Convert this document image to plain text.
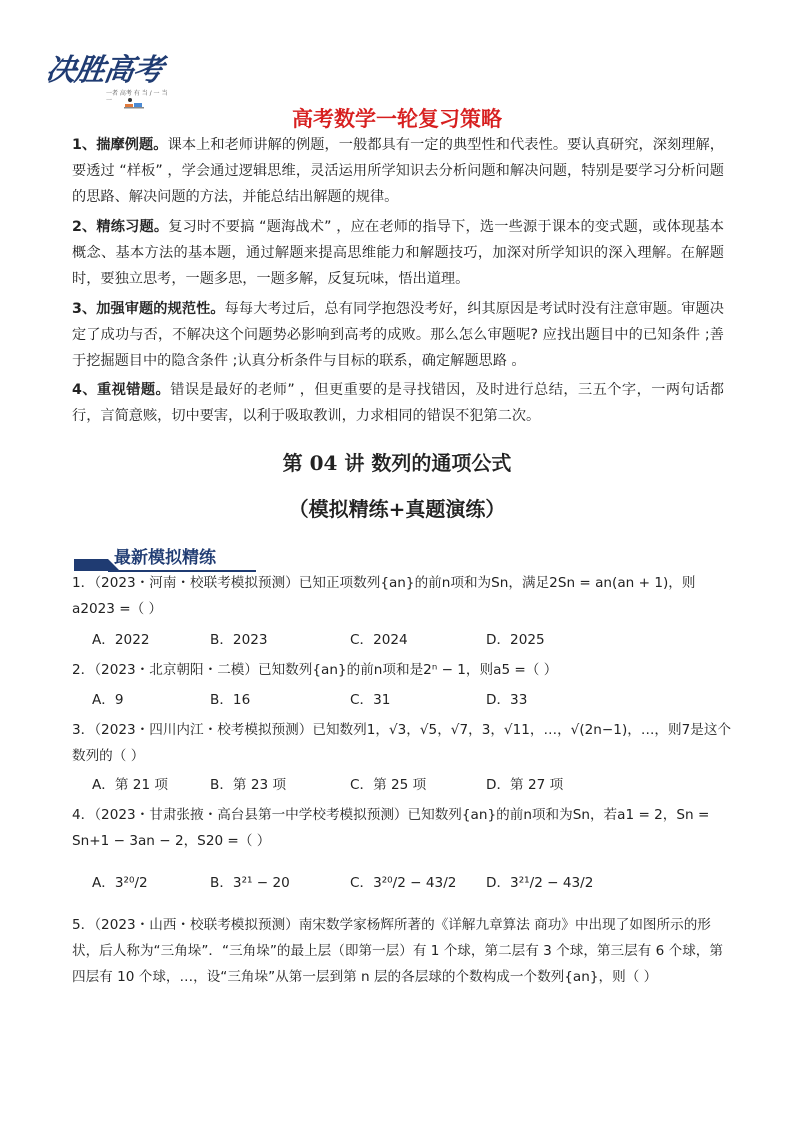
决胜高考
一者 高考 有 当 / 一 当 一
高考数学一轮复习策略
1、揣摩例题。课本上和老师讲解的例题，一般都具有一定的典型性和代表性。要认真研究，深刻理解，要透过 “样板” ，学会通过逻辑思维，灵活运用所学知识去分析问题和解决问题，特别是要学习分析问题的思路、解决问题的方法，并能总结出解题的规律。
2、精练习题。复习时不要搞 “题海战术” ，应在老师的指导下，选一些源于课本的变式题，或体现基本概念、基本方法的基本题，通过解题来提高思维能力和解题技巧，加深对所学知识的深入理解。在解题时，要独立思考，一题多思，一题多解，反复玩味，悟出道理。
3、加强审题的规范性。每每大考过后，总有同学抱怨没考好，纠其原因是考试时没有注意审题。审题决定了成功与否，不解决这个问题势必影响到高考的成败。那么怎么审题呢? 应找出题目中的已知条件 ;善于挖掘题目中的隐含条件 ;认真分析条件与目标的联系，确定解题思路 。
4、重视错题。错误是最好的老师” ，但更重要的是寻找错因，及时进行总结，三五个字，一两句话都行，言简意赅，切中要害，以利于吸取教训，力求相同的错误不犯第二次。
第 04 讲 数列的通项公式
（模拟精练+真题演练）
最新模拟精练
1．（2023・河南・校联考模拟预测）已知正项数列{an}的前n项和为Sn，满足2Sn = an(an + 1)，则a2023 =（ ）
A．2022	B．2023	C．2024	D．2025
2．（2023・北京朝阳・二模）已知数列{an}的前n项和是2ⁿ − 1，则a5 =（ ）
A．9	B．16	C．31	D．33
3．（2023・四川内江・校考模拟预测）已知数列1，√3，√5，√7，3，√11，…，√(2n−1)，…，则7是这个数列的（ ）
A．第 21 项	B．第 23 项	C．第 25 项	D．第 27 项
4．（2023・甘肃张掖・高台县第一中学校考模拟预测）已知数列{an}的前n项和为Sn，若a1 = 2，Sn = Sn+1 − 3an − 2，S20 =（ ）
A．3²⁰/2	B．3²¹ − 20	C．3²⁰/2 − 43/2 D．3²¹/2 − 43/2
5．（2023・山西・校联考模拟预测）南宋数学家杨辉所著的《详解九章算法 商功》中出现了如图所示的形状，后人称为“三角垛”．“三角垛”的最上层（即第一层）有 1 个球，第二层有 3 个球，第三层有 6 个球，第四层有 10 个球，…，设“三角垛”从第一层到第 n 层的各层球的个数构成一个数列{an}，则（ ）
